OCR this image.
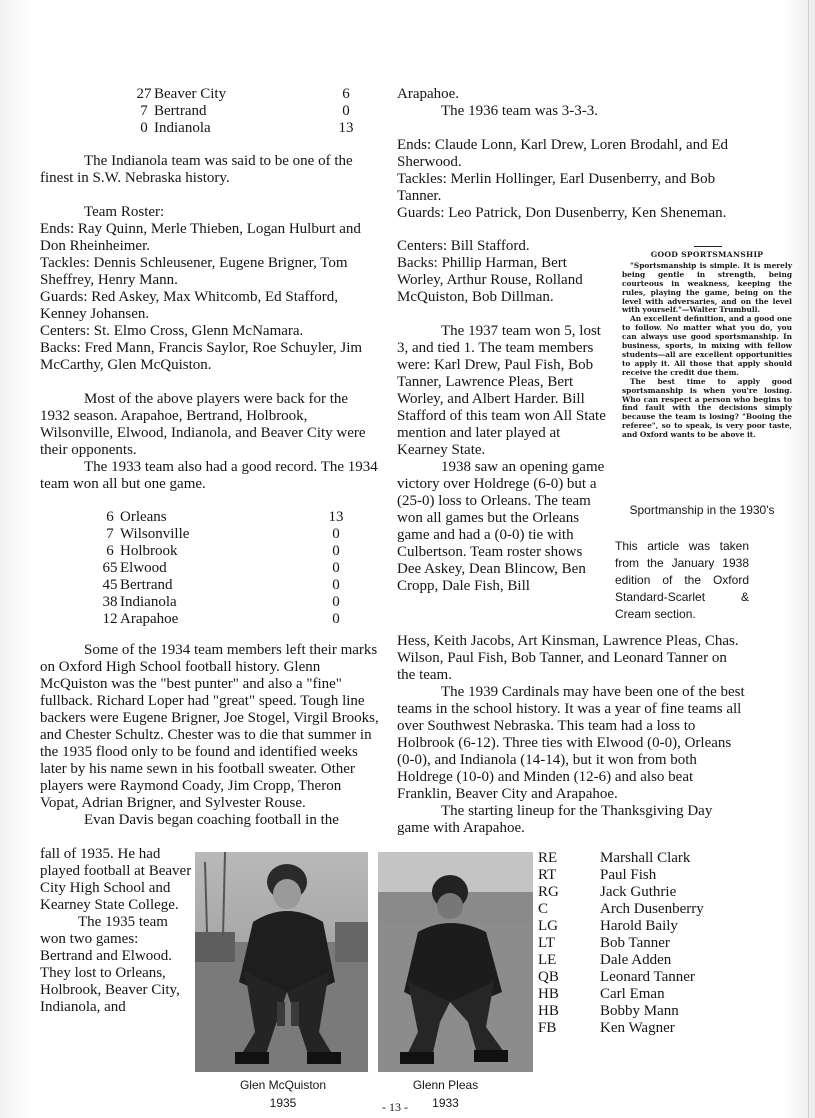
27	Beaver City	6
7	Bertrand	0
0	Indianola	13

The Indianola team was said to be one of the finest in S.W. Nebraska history.

Team Roster:

Ends: Ray Quinn, Merle Thieben, Logan Hulburt and Don Rheinheimer.

Tackles: Dennis Schleusener, Eugene Brigner, Tom Sheffrey, Henry Mann.

Guards: Red Askey, Max Whitcomb, Ed Stafford, Kenney Johansen.

Centers: St. Elmo Cross, Glenn McNamara.

Backs: Fred Mann, Francis Saylor, Roe Schuyler, Jim McCarthy, Glen McQuiston.

Most of the above players were back for the 1932 season. Arapahoe, Bertrand, Holbrook, Wilsonville, Elwood, Indianola, and Beaver City were their opponents.

The 1933 team also had a good record. The 1934 team won all but one game.

6	Orleans	13
7	Wilsonville	0
6	Holbrook	0
65	Elwood	0
45	Bertrand	0
38	Indianola	0
12	Arapahoe	0

Some of the 1934 team members left their marks on Oxford High School football history. Glenn McQuiston was the "best punter" and also a "fine" fullback. Richard Loper had "great" speed. Tough line backers were Eugene Brigner, Joe Stogel, Virgil Brooks, and Chester Schultz. Chester was to die that summer in the 1935 flood only to be found and identified weeks later by his name sewn in his football sweater. Other players were Raymond Coady, Jim Cropp, Theron Vopat, Adrian Brigner, and Sylvester Rouse.

Evan Davis began coaching football in the

fall of 1935. He had played football at Beaver City High School and Kearney State College.

The 1935 team won two games: Bertrand and Elwood. They lost to Orleans, Holbrook, Beaver City, Indianola, and

Arapahoe.

The 1936 team was 3-3-3.

Ends: Claude Lonn, Karl Drew, Loren Brodahl, and Ed Sherwood.

Tackles: Merlin Hollinger, Earl Dusenberry, and Bob Tanner.

Guards: Leo Patrick, Don Dusenberry, Ken Sheneman.

Centers: Bill Stafford.

Backs: Phillip Harman, Bert Worley, Arthur Rouse, Rolland McQuiston, Bob Dillman.

The 1937 team won 5, lost 3, and tied 1. The team members were: Karl Drew, Paul Fish, Bob Tanner, Lawrence Pleas, Bert Worley, and Albert Harder. Bill Stafford of this team won All State mention and later played at Kearney State.

1938 saw an opening game victory over Holdrege (6-0) but a (25-0) loss to Orleans. The team won all games but the Orleans game and had a (0-0) tie with Culbertson. Team roster shows Dee Askey, Dean Blincow, Ben Cropp, Dale Fish, Bill

Hess, Keith Jacobs, Art Kinsman, Lawrence Pleas, Chas. Wilson, Paul Fish, Bob Tanner, and Leonard Tanner on the team.

The 1939 Cardinals may have been one of the best teams in the school history. It was a year of fine teams all over Southwest Nebraska. This team had a loss to Holbrook (6-12). Three ties with Elwood (0-0), Orleans (0-0), and Indianola (14-14), but it won from both Holdrege (10-0) and Minden (12-6) and also beat Franklin, Beaver City and Arapahoe.

The starting lineup for the Thanksgiving Day game with Arapahoe.

GOOD SPORTSMANSHIP

"Sportsmanship is simple. It is merely being gentle in strength, being courteous in weakness, keeping the rules, playing the game, being on the level with adversaries, and on the level with yourself."—Walter Trumbull.

An excellent definition, and a good one to follow. No matter what you do, you can always use good sportsmanship. In business, sports, in mixing with fellow students—all are excellent opportunities to apply it. All those that apply should receive the credit due them.

The best time to apply good sportsmanship is when you're losing. Who can respect a person who begins to find fault with the decisions simply because the team is losing? "Booing the referee", so to speak, is very poor taste, and Oxford wants to be above it.

Sportmanship in the 1930's
This article was taken from the January 1938 edition of the Oxford Standard-Scarlet & Cream section.
Glen McQuiston
1935
Glenn Pleas
1933
RE	Marshall Clark
RT	Paul Fish
RG	Jack Guthrie
C	Arch Dusenberry
LG	Harold Baily
LT	Bob Tanner
LE	Dale Adden
QB	Leonard Tanner
HB	Carl Eman
HB	Bobby Mann
FB	Ken Wagner
- 13 -
